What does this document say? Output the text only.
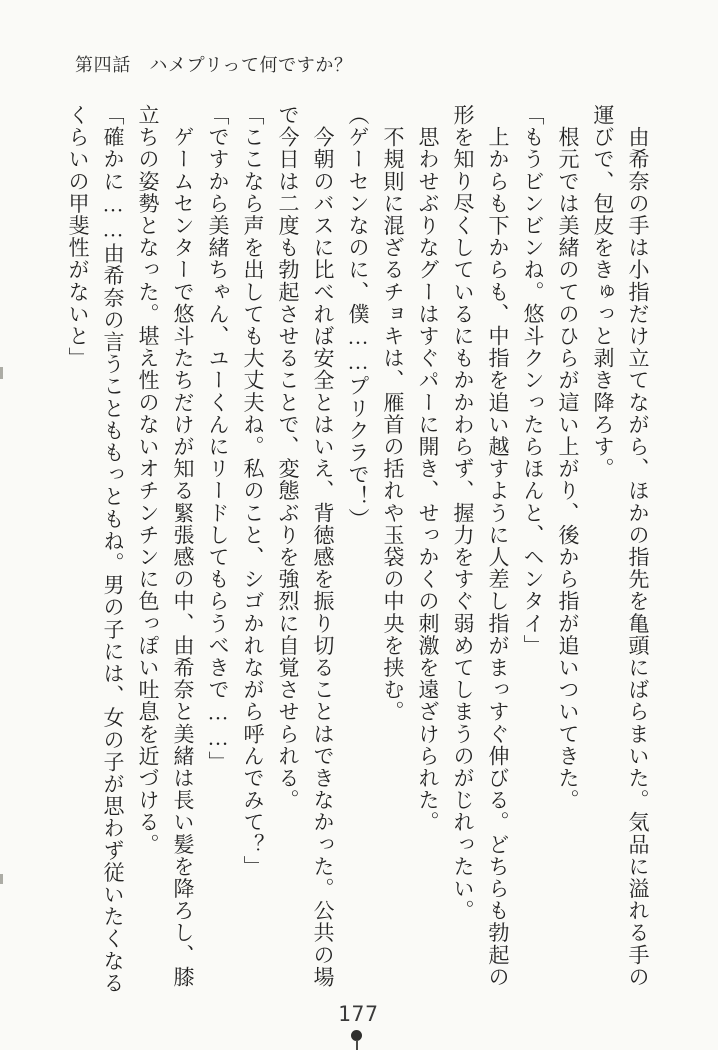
第四話　ハメプリって何ですか？
　由希奈の手は小指だけ立てながら、ほかの指先を亀頭にばらまいた。気品に溢れる手の
運びで、包皮をきゅっと剥き降ろす。
　根元では美緒のてのひらが這い上がり、後から指が追いついてきた。
「もうビンビンね。悠斗クンったらほんと、ヘンタイ」
　上からも下からも、中指を追い越すように人差し指がまっすぐ伸びる。どちらも勃起の
形を知り尽くしているにもかかわらず、握力をすぐ弱めてしまうのがじれったい。
　思わせぶりなグーはすぐパーに開き、せっかくの刺激を遠ざけられた。
　不規則に混ざるチョキは、雁首の括れや玉袋の中央を挟む。
（ゲーセンなのに、僕……プリクラで！）
　今朝のバスに比べれば安全とはいえ、背徳感を振り切ることはできなかった。公共の場
で今日は二度も勃起させることで、変態ぶりを強烈に自覚させられる。
「ここなら声を出しても大丈夫ね。私のこと、シゴかれながら呼んでみて？」
「ですから美緒ちゃん、ユーくんにリードしてもらうべきで……」
　ゲームセンターで悠斗たちだけが知る緊張感の中、由希奈と美緒は長い髪を降ろし、膝
立ちの姿勢となった。堪え性のないオチンチンに色っぽい吐息を近づける。
「確かに……由希奈の言うことももっともね。男の子には、女の子が思わず従いたくなる
くらいの甲斐性がないと」
177
